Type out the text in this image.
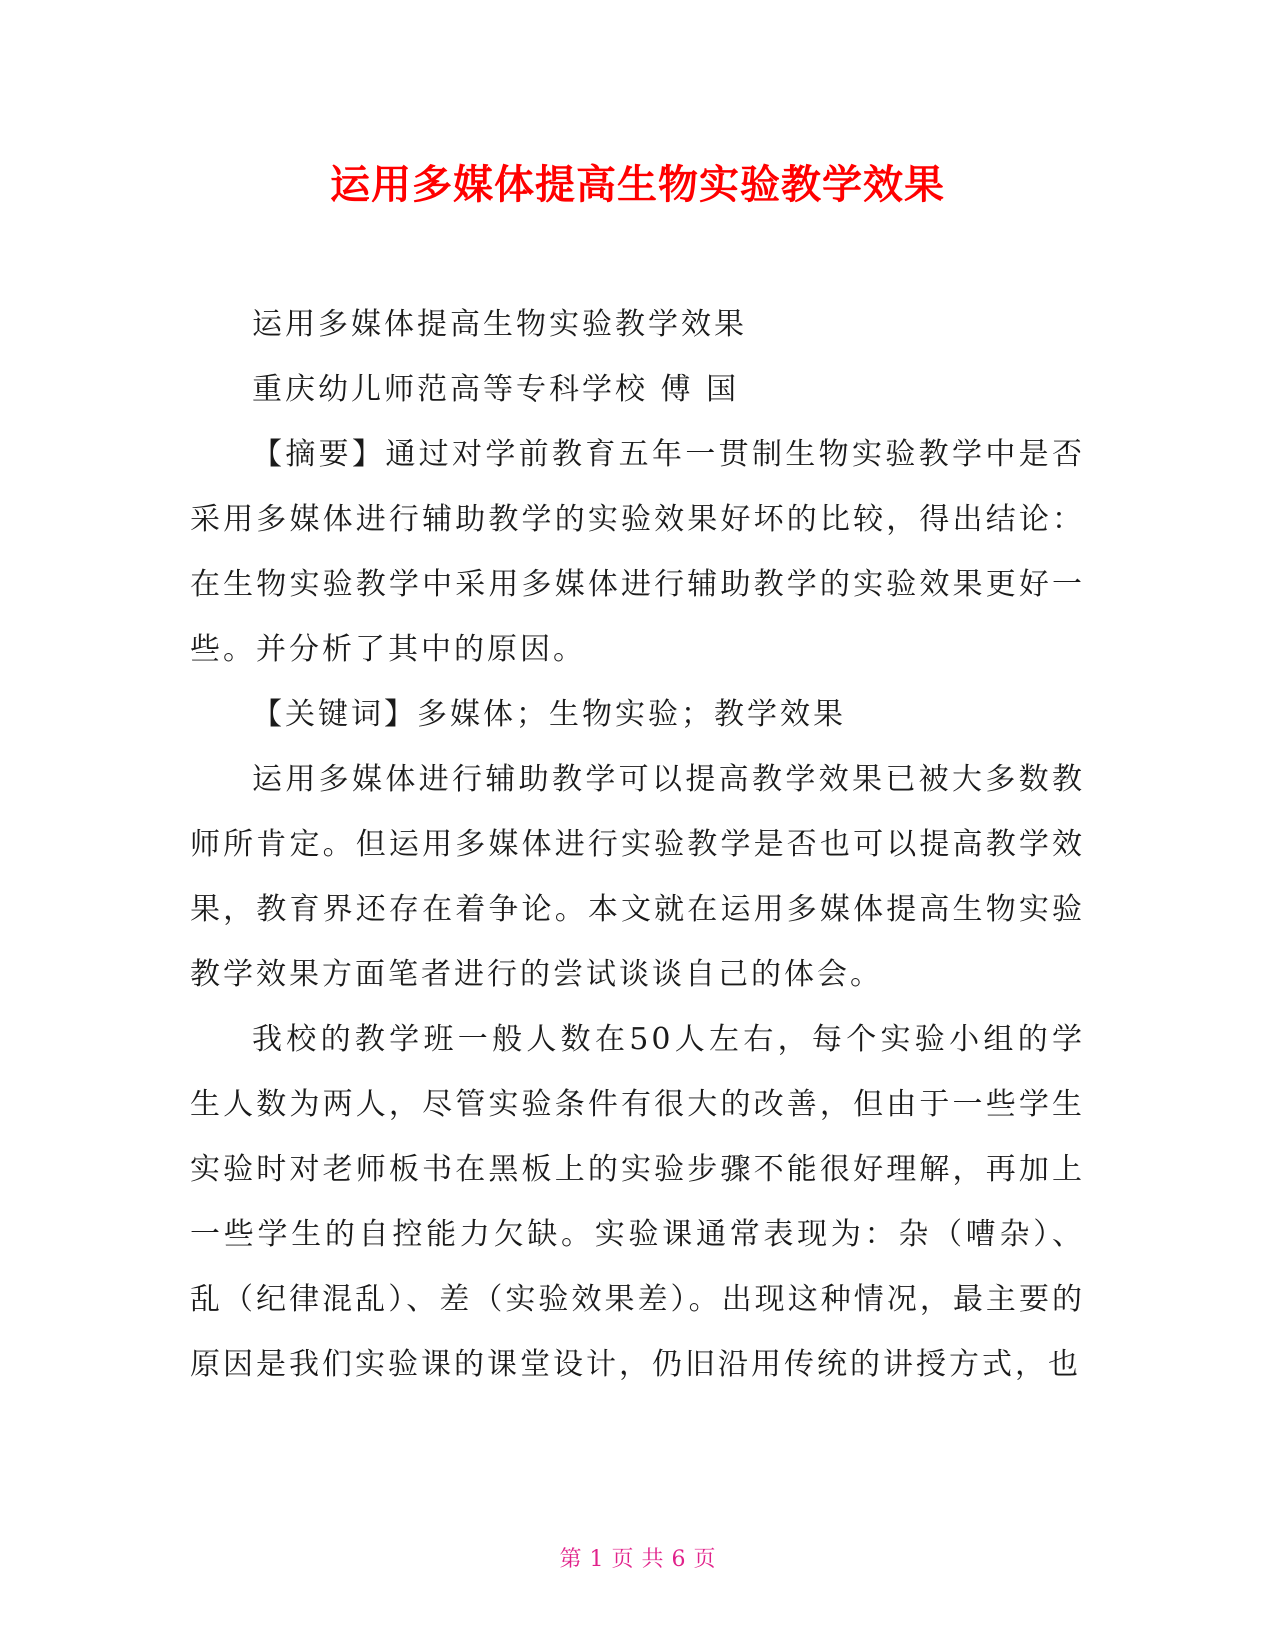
运用多媒体提高生物实验教学效果

运用多媒体提高生物实验教学效果

重庆幼儿师范高等专科学校 傅 国

【摘要】通过对学前教育五年一贯制生物实验教学中是否采用多媒体进行辅助教学的实验效果好坏的比较，得出结论：在生物实验教学中采用多媒体进行辅助教学的实验效果更好一些。并分析了其中的原因。

【关键词】多媒体；生物实验；教学效果

运用多媒体进行辅助教学可以提高教学效果已被大多数教师所肯定。但运用多媒体进行实验教学是否也可以提高教学效果，教育界还存在着争论。本文就在运用多媒体提高生物实验教学效果方面笔者进行的尝试谈谈自己的体会。

我校的教学班一般人数在50人左右，每个实验小组的学生人数为两人，尽管实验条件有很大的改善，但由于一些学生实验时对老师板书在黑板上的实验步骤不能很好理解，再加上一些学生的自控能力欠缺。实验课通常表现为：杂（嘈杂）、乱（纪律混乱）、差（实验效果差）。出现这种情况，最主要的原因是我们实验课的课堂设计，仍旧沿用传统的讲授方式，也

第 1 页 共 6 页
